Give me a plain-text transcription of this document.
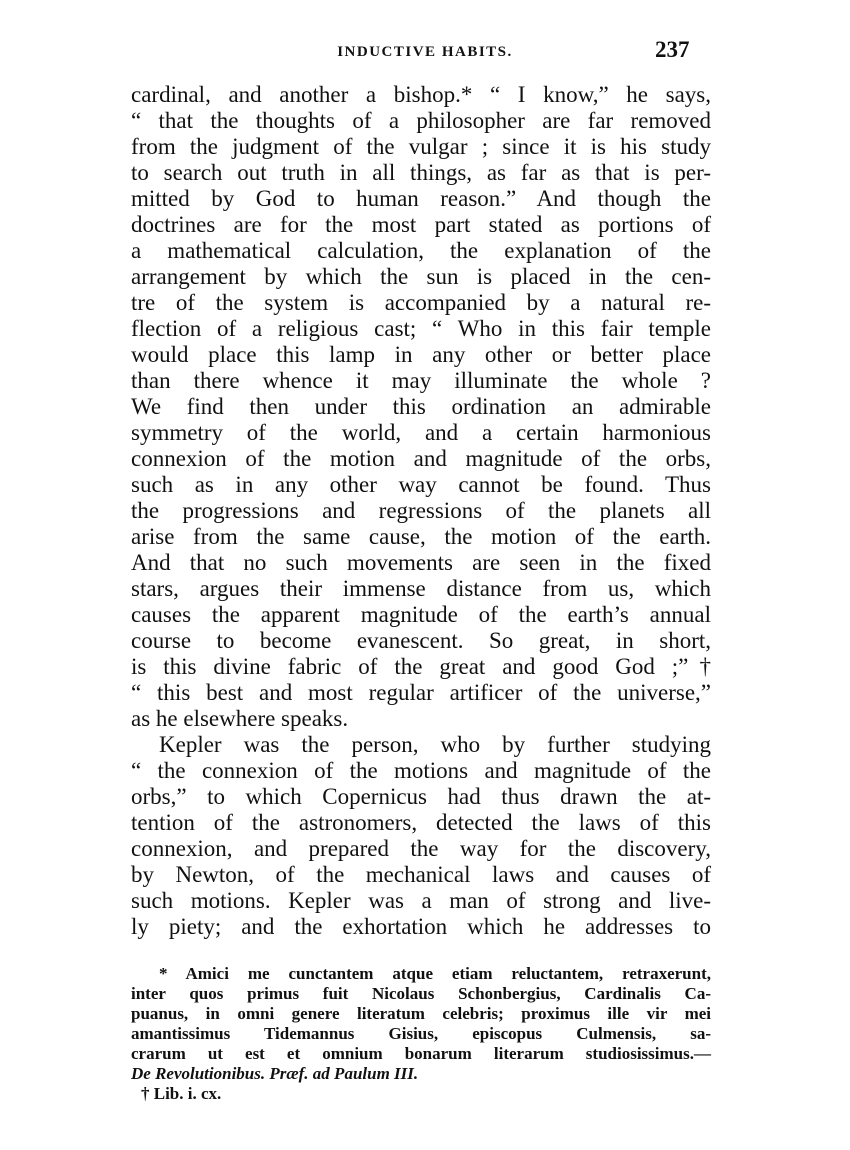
INDUCTIVE HABITS.	237
cardinal, and another a bishop.* “ I know,” he says,
“ that the thoughts of a philosopher are far removed
from the judgment of the vulgar ; since it is his study
to search out truth in all things, as far as that is per-
mitted by God to human reason.” And though the
doctrines are for the most part stated as portions of
a mathematical calculation, the explanation of the
arrangement by which the sun is placed in the cen-
tre of the system is accompanied by a natural re-
flection of a religious cast; “ Who in this fair temple
would place this lamp in any other or better place
than there whence it may illuminate the whole ?
We find then under this ordination an admirable
symmetry of the world, and a certain harmonious
connexion of the motion and magnitude of the orbs,
such as in any other way cannot be found. Thus
the progressions and regressions of the planets all
arise from the same cause, the motion of the earth.
And that no such movements are seen in the fixed
stars, argues their immense distance from us, which
causes the apparent magnitude of the earth’s annual
course to become evanescent. So great, in short,
is this divine fabric of the great and good God ;”†
“ this best and most regular artificer of the universe,”
as he elsewhere speaks.
Kepler was the person, who by further studying
“ the connexion of the motions and magnitude of the
orbs,” to which Copernicus had thus drawn the at-
tention of the astronomers, detected the laws of this
connexion, and prepared the way for the discovery,
by Newton, of the mechanical laws and causes of
such motions. Kepler was a man of strong and live-
ly piety; and the exhortation which he addresses to
* Amici me cunctantem atque etiam reluctantem, retraxerunt,
inter quos primus fuit Nicolaus Schonbergius, Cardinalis Ca-
puanus, in omni genere literatum celebris; proximus ille vir mei
amantissimus Tidemannus Gisius, episcopus Culmensis, sa-
crarum ut est et omnium bonarum literarum studiosissimus.—
De Revolutionibus. Præf. ad Paulum III.
† Lib. i. cx.
